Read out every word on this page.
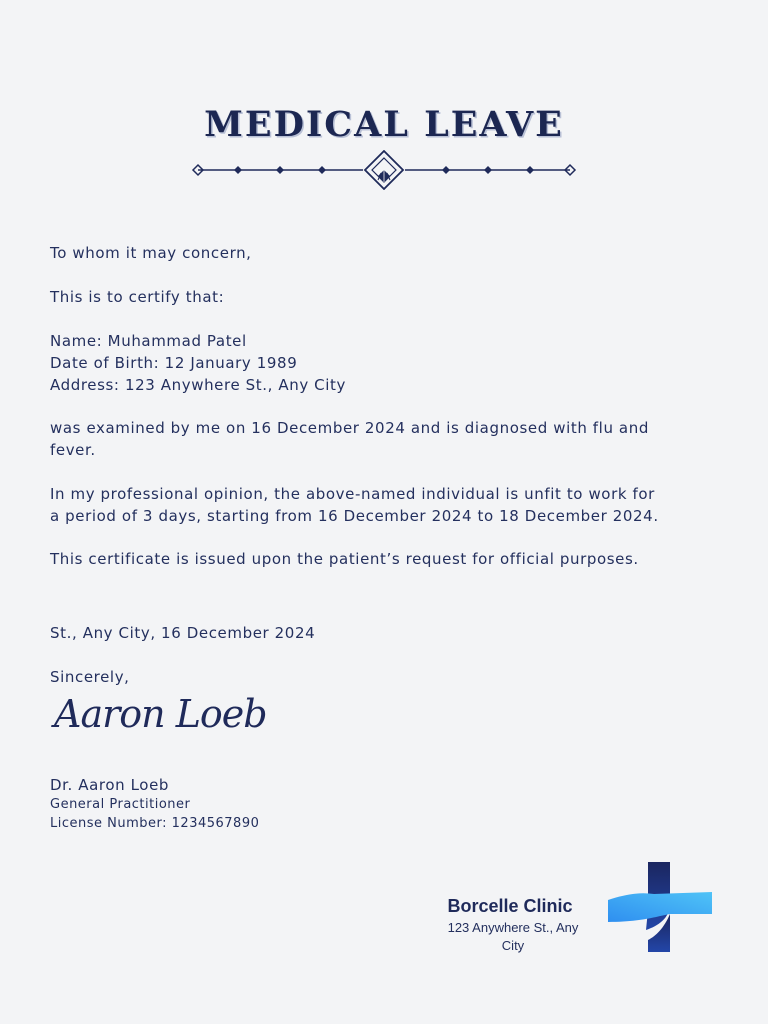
MEDICAL LEAVE
To whom it may concern,
This is to certify that:
Name: Muhammad Patel
Date of Birth: 12 January 1989
Address: 123 Anywhere St., Any City
was examined by me on 16 December 2024 and is diagnosed with flu and
fever.
In my professional opinion, the above-named individual is unfit to work for
a period of 3 days, starting from 16 December 2024 to 18 December 2024.
This certificate is issued upon the patient’s request for official purposes.
St., Any City, 16 December 2024
Sincerely,
Aaron Loeb
Dr. Aaron Loeb
General Practitioner
License Number: 1234567890
Borcelle Clinic
123 Anywhere St., Any
City
